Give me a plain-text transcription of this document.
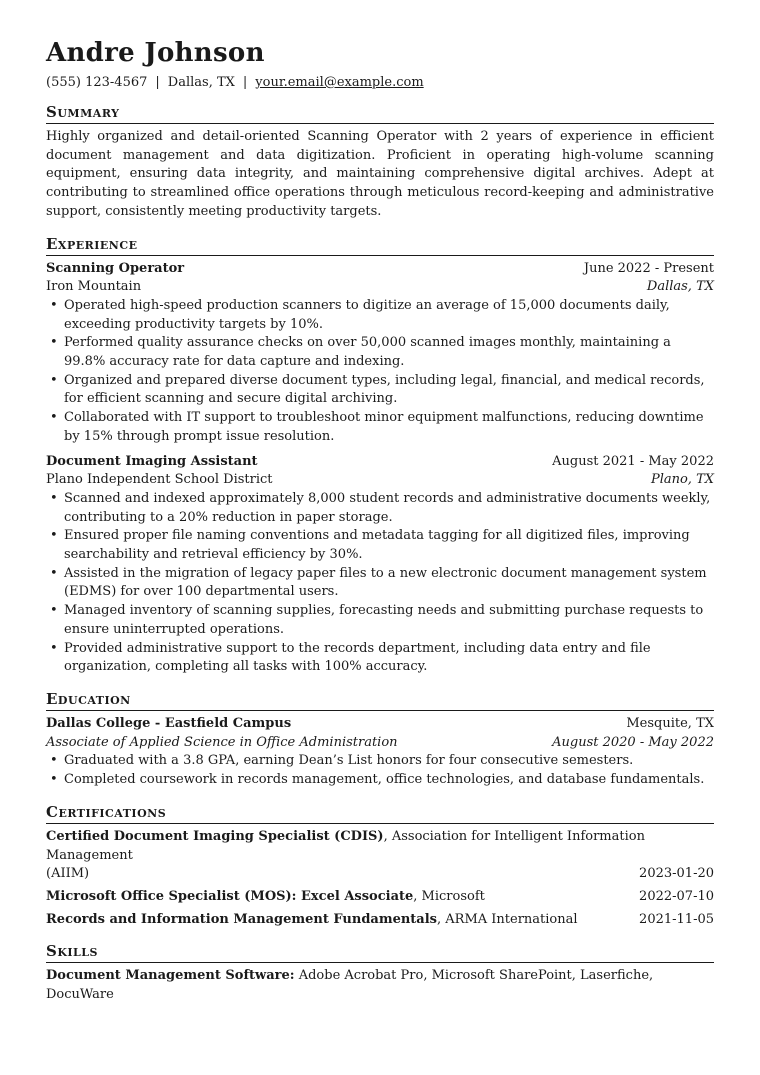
Andre Johnson
(555) 123-4567 | Dallas, TX | your.email@example.com
Summary

Highly organized and detail-oriented Scanning Operator with 2 years of experience in efficient document management and data digitization. Proficient in operating high-volume scanning equipment, ensuring data integrity, and maintaining comprehensive digital archives. Adept at contributing to streamlined office operations through meticulous record-keeping and administrative support, consistently meeting productivity targets.

Experience
Scanning Operator	June 2022 - Present
Iron Mountain	Dallas, TX
• Operated high-speed production scanners to digitize an average of 15,000 documents daily, exceeding productivity targets by 10%.
• Performed quality assurance checks on over 50,000 scanned images monthly, maintaining a 99.8% accuracy rate for data capture and indexing.
• Organized and prepared diverse document types, including legal, financial, and medical records, for efficient scanning and secure digital archiving.
• Collaborated with IT support to troubleshoot minor equipment malfunctions, reducing downtime by 15% through prompt issue resolution.
Document Imaging Assistant	August 2021 - May 2022
Plano Independent School District	Plano, TX
• Scanned and indexed approximately 8,000 student records and administrative documents weekly, contributing to a 20% reduction in paper storage.
• Ensured proper file naming conventions and metadata tagging for all digitized files, improving searchability and retrieval efficiency by 30%.
• Assisted in the migration of legacy paper files to a new electronic document management system (EDMS) for over 100 departmental users.
• Managed inventory of scanning supplies, forecasting needs and submitting purchase requests to ensure uninterrupted operations.
• Provided administrative support to the records department, including data entry and file organization, completing all tasks with 100% accuracy.
Education
Dallas College - Eastfield Campus	Mesquite, TX
Associate of Applied Science in Office Administration	August 2020 - May 2022
• Graduated with a 3.8 GPA, earning Dean’s List honors for four consecutive semesters.
• Completed coursework in records management, office technologies, and database fundamentals.
Certifications
Certified Document Imaging Specialist (CDIS), Association for Intelligent Information Management
(AIIM)	2023-01-20
Microsoft Office Specialist (MOS): Excel Associate, Microsoft	2022-07-10
Records and Information Management Fundamentals, ARMA International	2021-11-05
Skills
Document Management Software: Adobe Acrobat Pro, Microsoft SharePoint, Laserfiche, DocuWare
